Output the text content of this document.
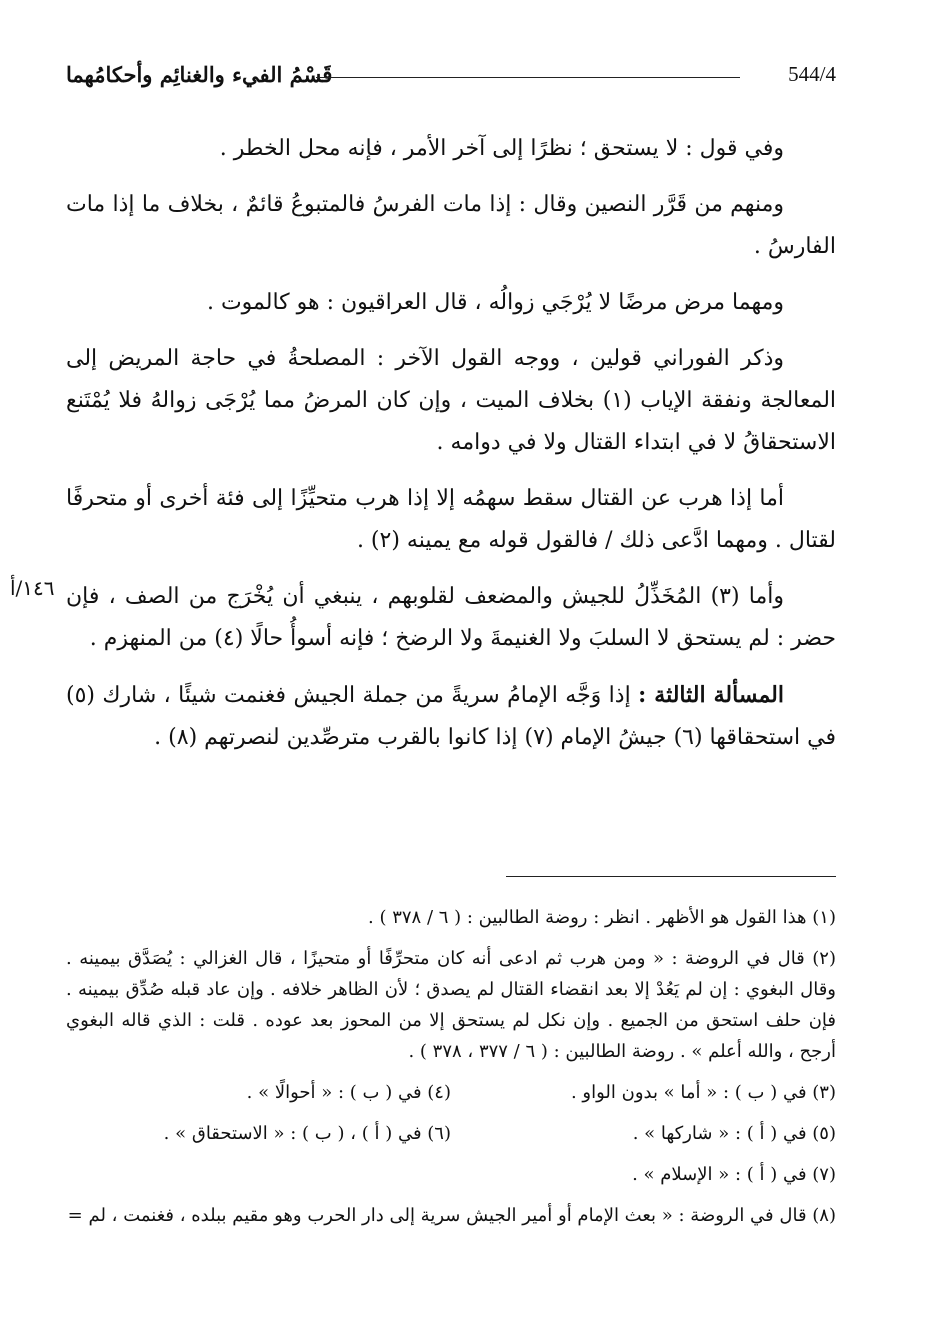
قَسْمُ الفيء والغنائِم وأحكامُهما	544/4
١٤٦/أ

وفي قول : لا يستحق ؛ نظرًا إلى آخر الأمر ، فإنه محل الخطر .

ومنهم من قَرَّر النصين وقال : إذا مات الفرسُ فالمتبوعُ قائمٌ ، بخلاف ما إذا مات الفارسُ .

ومهما مرض مرضًا لا يُرْجَي زوالُه ، قال العراقيون : هو كالموت .

وذكر الفوراني قولين ، ووجه القول الآخر : المصلحةُ في حاجة المريض إلى المعالجة ونفقة الإياب (١) بخلاف الميت ، وإن كان المرضُ مما يُرْجَى زوالهُ فلا يُمْتَنع الاستحقاقُ لا في ابتداء القتال ولا في دوامه .

أما إذا هرب عن القتال سقط سهمُه إلا إذا هرب متحيِّزًا إلى فئة أخرى أو متحرفًا لقتال . ومهما ادَّعى ذلك / فالقول قوله مع يمينه (٢) .

وأما (٣) المُخَذِّلُ للجيش والمضعف لقلوبهم ، ينبغي أن يُخْرَج من الصف ، فإن حضر : لم يستحق لا السلبَ ولا الغنيمةَ ولا الرضخ ؛ فإنه أسوأُ حالًا (٤) من المنهزم .

المسألة الثالثة : إذا وَجَّه الإمامُ سريةً من جملة الجيش فغنمت شيئًا ، شارك (٥) في استحقاقها (٦) جيشُ الإمام (٧) إذا كانوا بالقرب مترصِّدين لنصرتهم (٨) .

(١) هذا القول هو الأظهر . انظر : روضة الطالبين : ( ٦ / ٣٧٨ ) .

(٢) قال في الروضة : « ومن هرب ثم ادعى أنه كان متحرِّفًا أو متحيزًا ، قال الغزالي : يُصَدَّق بيمينه . وقال البغوي : إن لم يَعُدْ إلا بعد انقضاء القتال لم يصدق ؛ لأن الظاهر خلافه . وإن عاد قبله صُدِّق بيمينه . فإن حلف استحق من الجميع . وإن نكل لم يستحق إلا من المحوز بعد عوده . قلت : الذي قاله البغوي أرجح ، والله أعلم » . روضة الطالبين : ( ٦ / ٣٧٧ ، ٣٧٨ ) .

(٣) في ( ب ) : « أما » بدون الواو .
(٤) في ( ب ) : « أحوالًا » .
(٥) في ( أ ) : « شاركها » .
(٦) في ( أ ) ، ( ب ) : « الاستحقاق » .

(٧) في ( أ ) : « الإسلام » .

(٨) قال في الروضة : « بعث الإمام أو أمير الجيش سرية إلى دار الحرب وهو مقيم ببلده ، فغنمت ، لم =
